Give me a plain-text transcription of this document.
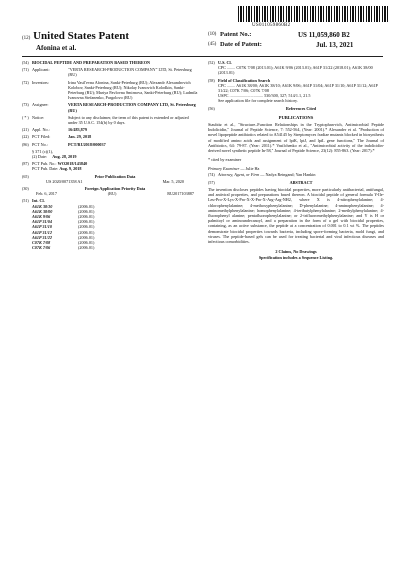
US011059860B2
(12) United States Patent
Afonina et al.
(10) Patent No.:	US 11,059,860 B2
(45) Date of Patent:	Jul. 13, 2021
(54) BIOCIDAL PEPTIDE AND PREPARATION BASED THEREON
(71) Applicant:	"VERTA RESEARCH-PRODUCTION COMPANY" LTD, St. Petersburg (RU)
(72) Inventors:	Irina Vasil'evna Afonina, Sankt-Peterburg (RU); Alexandr Alexandrovich Kolobov, Sankt-Peterburg (RU); Nikolay Ivanovich Kolodkin, Sankt-Peterburg (RU); Mariya Pavlovna Smirnova, Sankt-Peterburg (RU); Ludmila Ivanovna Stefanenko, Pargolovo (RU)
(73) Assignee:	VERTA RESEARCH-PRODUCTION COMPANY LTD, St. Petersburg (RU)
( * ) Notice:	Subject to any disclaimer, the term of this patent is extended or adjusted under 35 U.S.C. 154(b) by 0 days.
(21) Appl. No.:	16/483,879
(22) PCT Filed:	Jan. 29, 2018
(86) PCT No.:	PCT/RU2018/000037
§ 371 (c)(1),
(2) Date: Aug. 28, 2019
(87) PCT Pub. No.: WO2018/143840
PCT Pub. Date: Aug. 9, 2018
(65)	Prior Publication Data
US 2020/0071358 A1	Mar. 5, 2020
(30)	Foreign Application Priority Data
Feb. 6, 2017	(RU)	RU2017103887
(51) Int. Cl.
A61K 38/10	(2006.01)
A61K 38/00	(2006.01)
A61K 9/06	(2006.01)
A61P 31/04	(2006.01)
A61P 31/10	(2006.01)
A61P 31/12	(2006.01)
A61P 31/22	(2006.01)
C07K 7/08	(2006.01)
C07K 7/06	(2006.01)
(52) U.S. Cl.
CPC ........ C07K 7/08 (2013.01); A61K 9/06 (2013.01); A61P 31/22 (2018.01); A61K 38/00 (2013.01)
(58) Field of Classification Search
CPC ........ A61K 38/00; A61K 38/10; A61K 9/06; A61P 31/04; A61P 31/10; A61P 31/12; A61P 31/22; C07K 7/06; C07K 7/08
USPC ................................ 530/300, 327; 514/1.1, 21.5
See application file for complete search history.
(56)	References Cited
PUBLICATIONS
Staubitz et al., "Structure–Function Relationships in the Tryptophan-rich, Antimicrobial Peptide Indolicidin," Journal of Peptide Science, 7: 552-564, (Year: 2001).* Alexander et al. "Production of novel lipopeptide antibiotics related to A54145 by Streptomyces fradiae mutants blocked in biosynthesis of modified amino acids and assignment of lptK, lptJ, and lptL gene functions," The Journal of Antibiotics, 64: 79-87. (Year: 2011).* Vasilchenko et al., "Antimicrobial activity of the indolicidin-derived novel synthetic peptide In-58," Journal of Peptide Science, 23(12): 855-863. (Year: 2017).*
* cited by examiner
Primary Examiner — Julie Ha
(74) Attorney, Agent, or Firm — Nadya Reingand; Yan Hankin
(57)	ABSTRACT
The invention discloses peptides having biocidal properties, more particularly antibacterial, antifungal, and antiviral properties, and preparations based thereon. A biocidal peptide of general formula Y-Ile-Leu-Pro-X-Lys-X-Pro-X-X-Pro-X-Arg-Arg-NH2, where X is 4-nitrophenylalanine; 4-chlorophenylalanine; 4-methoxyphenylalanine; D-phenylalanine; 4-aminophenylalanine; 4-aminomethylphenylalanine; homophenylalanine; 4-tertbutylphenylalanine; 2-methylphenylalanine; 4-fluorophenyl alanine; pentafluorophenylalanine; or 2-trifluoromethylphenylalanine; and Y is H or palmitoyl or aminoundecanoyl, and a preparation in the form of a gel with biocidal properties, containing, as an active substance, the peptide at a concentration of 0.001 to 0.1 wt %. The peptides demonstrate biocidal properties towards bacteria, including spore-forming bacteria, mold fungi, and viruses. The peptide-based gels can be used for treating bacterial and viral infectious diseases and infectious comorbidities.
2 Claims, No Drawings
Specification includes a Sequence Listing.
